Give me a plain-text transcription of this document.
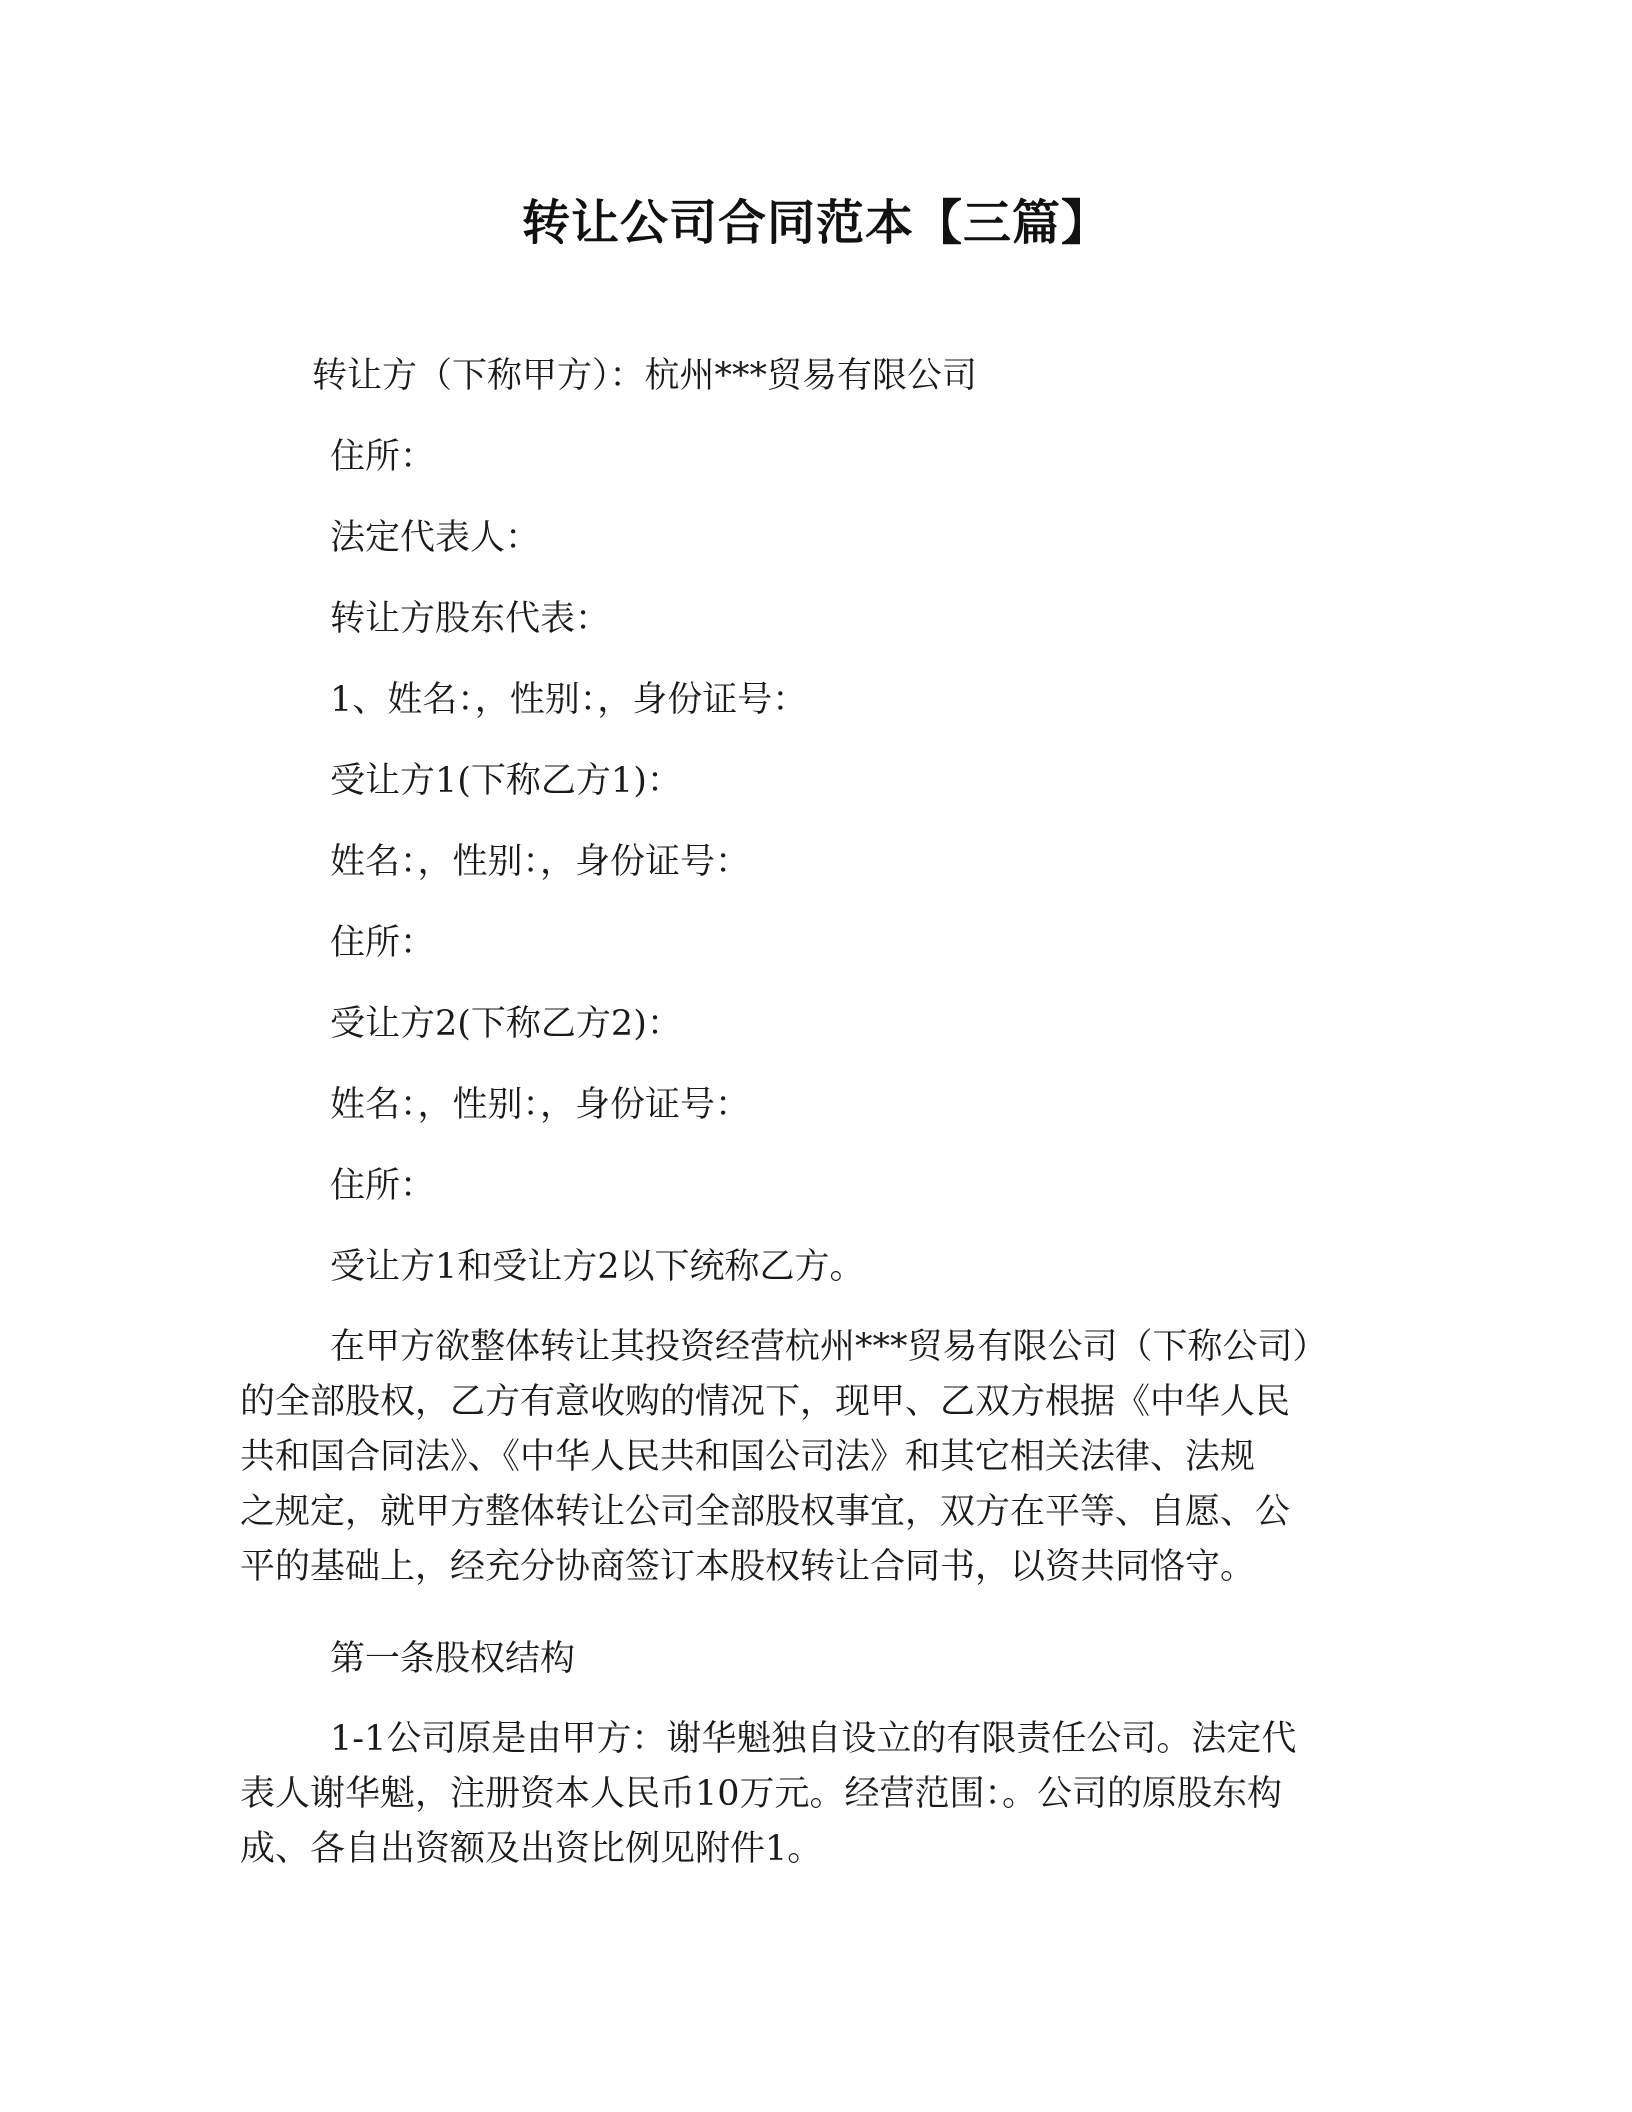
转让公司合同范本【三篇】

转让方（下称甲方）：杭州***贸易有限公司

住所：

法定代表人：

转让方股东代表：

1、姓名：，性别：，身份证号：

受让方1(下称乙方1)：

姓名：，性别：，身份证号：

住所：

受让方2(下称乙方2)：

姓名：，性别：，身份证号：

住所：

受让方1和受让方2以下统称乙方。

在甲方欲整体转让其投资经营杭州***贸易有限公司（下称公司）
的全部股权，乙方有意收购的情况下，现甲、乙双方根据《中华人民
共和国合同法》、《中华人民共和国公司法》和其它相关法律、法规
之规定，就甲方整体转让公司全部股权事宜，双方在平等、自愿、公
平的基础上，经充分协商签订本股权转让合同书，以资共同恪守。

第一条股权结构

1-1公司原是由甲方：谢华魁独自设立的有限责任公司。法定代
表人谢华魁，注册资本人民币10万元。经营范围：。公司的原股东构
成、各自出资额及出资比例见附件1。
